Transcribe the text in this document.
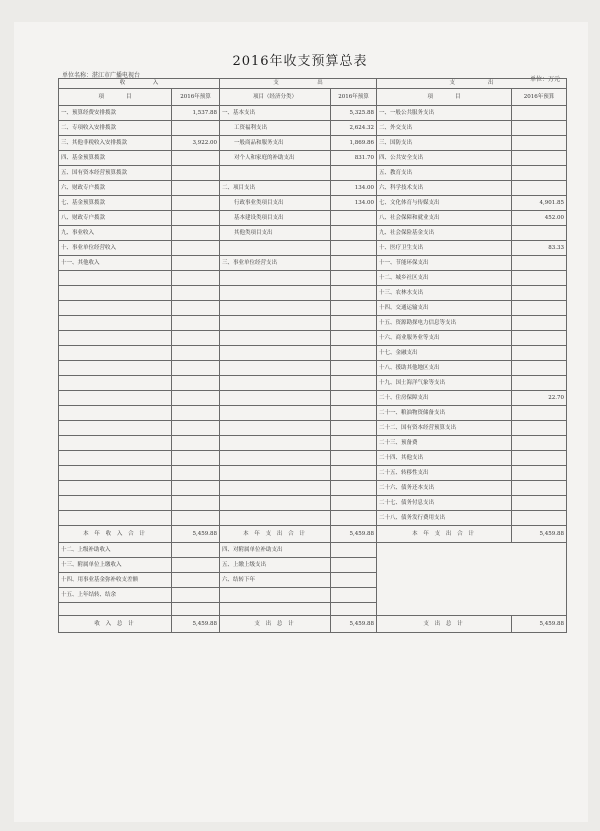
2016年收支预算总表
单位名称：湛江市广播电视台
单位：万元
收　　　　　入		支　　　　　　　出		支　　　　　　出	
项　　　　目	2016年预算	项目（经济分类）	2016年预算	项　　　　目	2016年预算
一、预算经费安排拨款	1,537.88	一、基本支出	5,325.88	一、一般公共服务支出	
二、专项收入安排拨款		工资福利支出	2,624.32	二、外交支出	
三、其他非税收入安排拨款	3,922.00	一般商品和服务支出	1,869.86	三、国防支出	
四、基金预算拨款		对个人和家庭的补助支出	831.70	四、公共安全支出	
五、国有资本经营预算拨款				五、教育支出	
六、财政专户拨款		二、项目支出	134.00	六、科学技术支出	
七、基金预算拨款		行政事业类项目支出	134.00	七、文化体育与传媒支出	4,901.85
八、财政专户拨款		基本建设类项目支出		八、社会保障和就业支出	452.00
九、事业收入		其他类项目支出		九、社会保险基金支出	
十、事业单位经营收入				十、医疗卫生支出	83.33
十一、其他收入		三、事业单位经营支出		十一、节能环保支出	
				十二、城乡社区支出	
				十三、农林水支出	
				十四、交通运输支出	
				十五、资源勘探电力信息等支出	
				十六、商业服务业等支出	
				十七、金融支出	
				十八、援助其他地区支出	
				十九、国土海洋气象等支出	
				二十、住房保障支出	22.70
				二十一、粮油物资储备支出	
				二十二、国有资本经营预算支出	
				二十三、预备费	
				二十四、其他支出	
				二十五、转移性支出	
				二十六、债务还本支出	
				二十七、债务付息支出	
				二十八、债务发行费用支出	
本 年 收 入 合 计	5,459.88	本 年 支 出 合 计	5,459.88	本 年 支 出 合 计	5,459.88
十二、上级补助收入		四、对附属单位补助支出			
十三、附属单位上缴收入		五、上缴上级支出			
十四、用事业基金弥补收支差额		六、结转下年			
十五、上年结转、结余					

收 入 总 计	5,459.88	支 出 总 计	5,459.88	支 出 总 计	5,459.88
